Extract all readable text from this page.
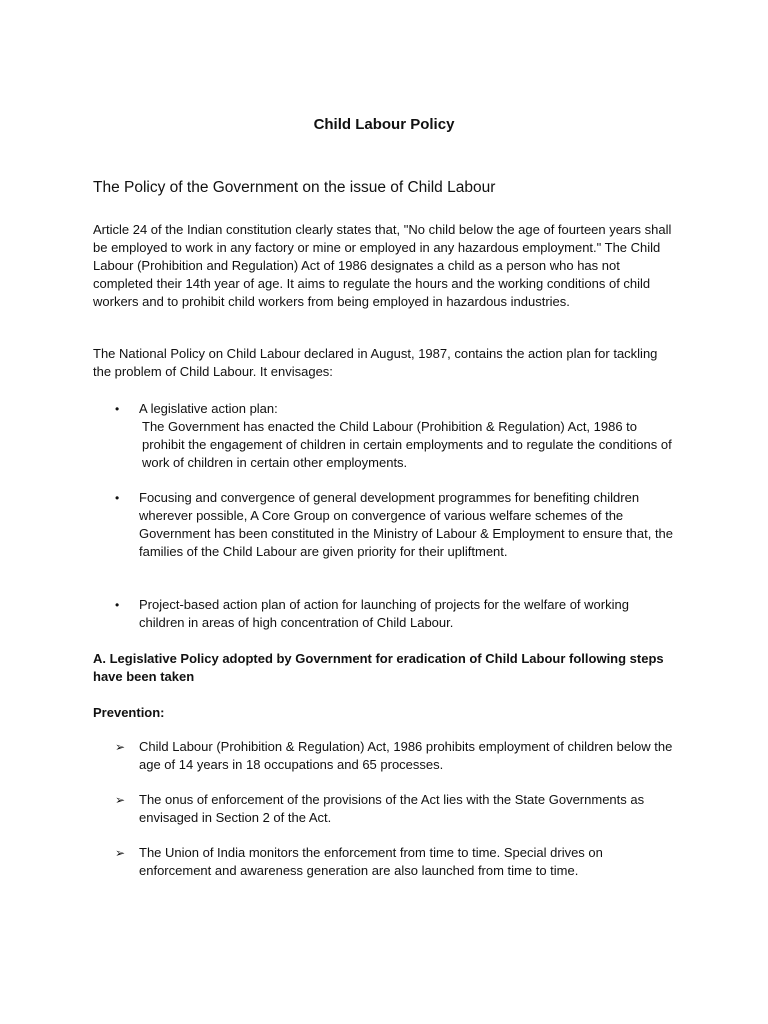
Child Labour Policy
The Policy of the Government on the issue of Child Labour

Article 24 of the Indian constitution clearly states that, "No child below the age of fourteen years shall be employed to work in any factory or mine or employed in any hazardous employment." The Child Labour (Prohibition and Regulation) Act of 1986 designates a child as a person who has not completed their 14th year of age. It aims to regulate the hours and the working conditions of child workers and to prohibit child workers from being employed in hazardous industries.

The National Policy on Child Labour declared in August, 1987, contains the action plan for tackling the problem of Child Labour. It envisages:

•	A legislative action plan:
The Government has enacted the Child Labour (Prohibition & Regulation) Act, 1986 to prohibit the engagement of children in certain employments and to regulate the conditions of work of children in certain other employments.
•	Focusing and convergence of general development programmes for benefiting children wherever possible, A Core Group on convergence of various welfare schemes of the Government has been constituted in the Ministry of Labour & Employment to ensure that, the families of the Child Labour are given priority for their upliftment.
•	Project-based action plan of action for launching of projects for the welfare of working children in areas of high concentration of Child Labour.

A. Legislative Policy adopted by Government for eradication of Child Labour following steps have been taken

Prevention:

➢ Child Labour (Prohibition & Regulation) Act, 1986 prohibits employment of children below the age of 14 years in 18 occupations and 65 processes.
➢ The onus of enforcement of the provisions of the Act lies with the State Governments as envisaged in Section 2 of the Act.
➢ The Union of India monitors the enforcement from time to time. Special drives on enforcement and awareness generation are also launched from time to time.
